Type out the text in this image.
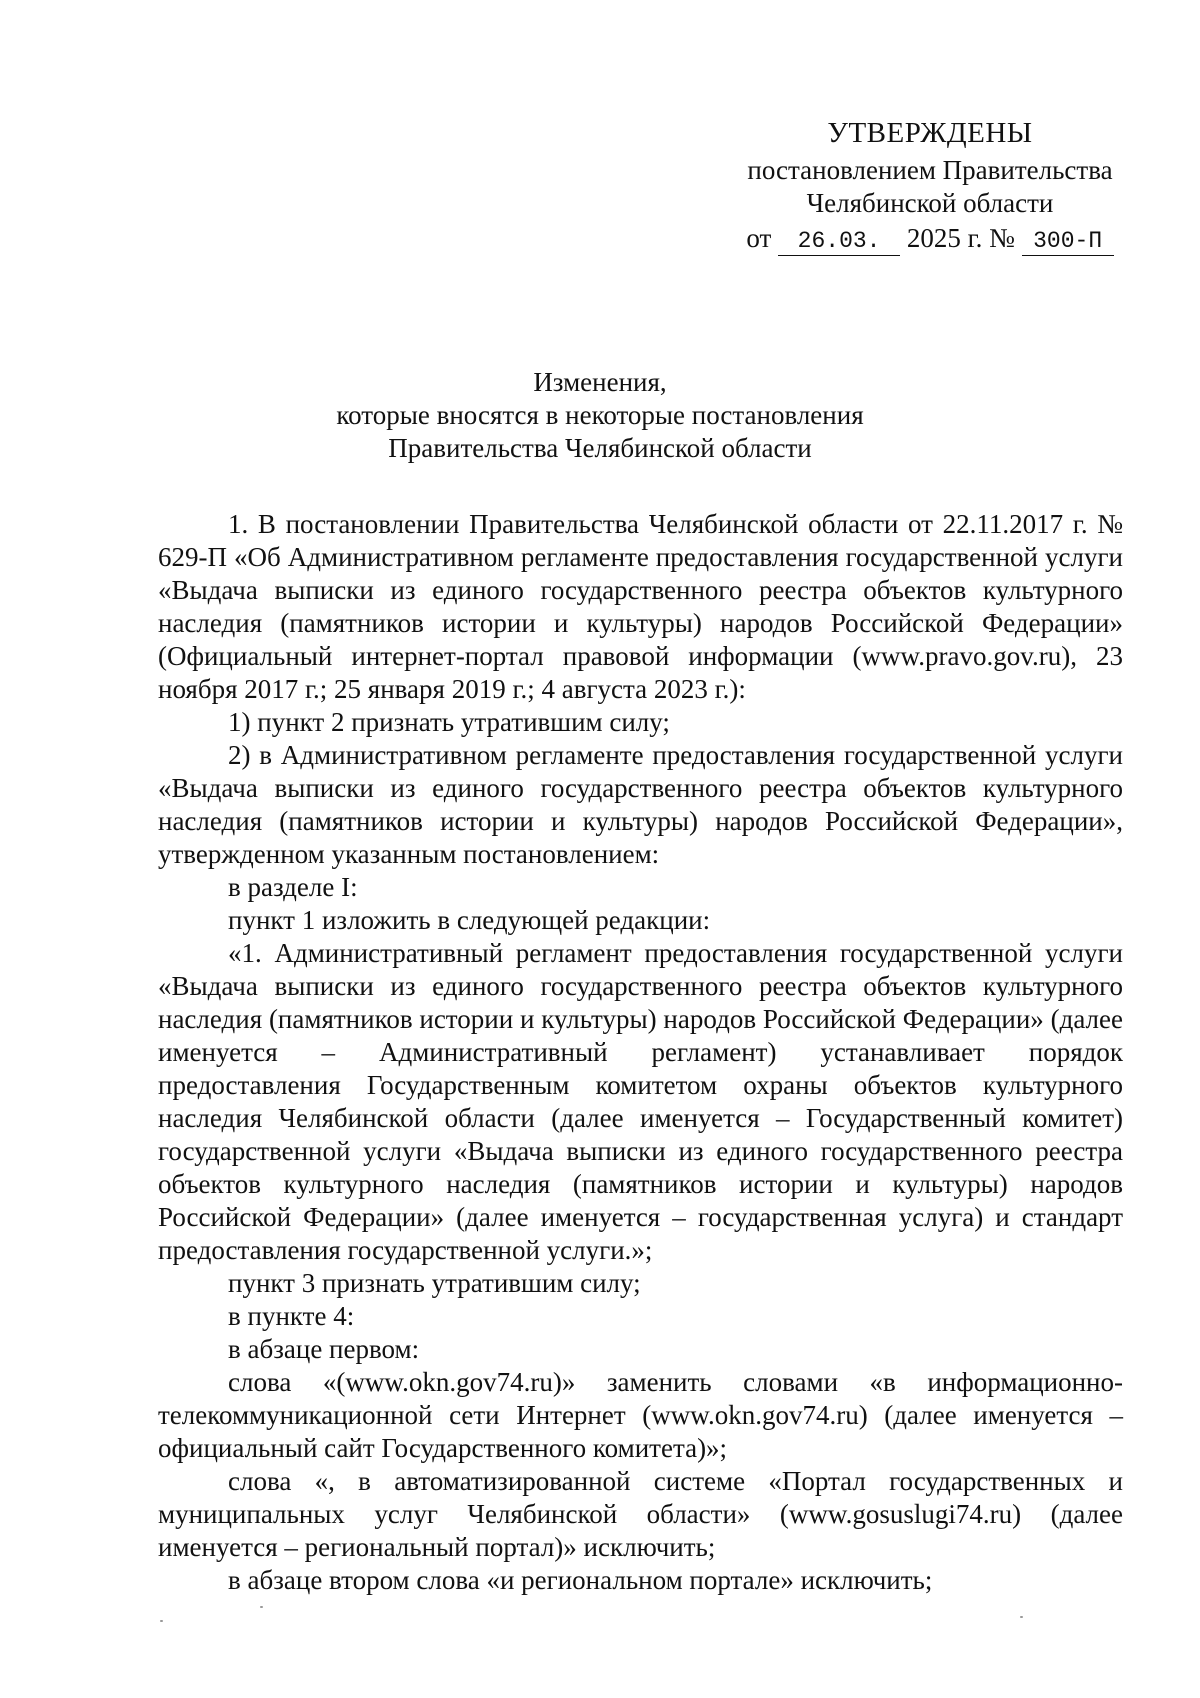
УТВЕРЖДЕНЫ
постановлением Правительства
Челябинской области
от 26.03. 2025 г. № 300-П
Изменения,
которые вносятся в некоторые постановления
Правительства Челябинской области

1. В постановлении Правительства Челябинской области от 22.11.2017 г. № 629-П «Об Административном регламенте предоставления государственной услуги «Выдача выписки из единого государственного реестра объектов культурного наследия (памятников истории и культуры) народов Российской Федерации» (Официальный интернет-портал правовой информации (www.pravo.gov.ru), 23 ноября 2017 г.; 25 января 2019 г.; 4 августа 2023 г.):

1) пункт 2 признать утратившим силу;

2) в Административном регламенте предоставления государственной услуги «Выдача выписки из единого государственного реестра объектов культурного наследия (памятников истории и культуры) народов Российской Федерации», утвержденном указанным постановлением:

в разделе I:

пункт 1 изложить в следующей редакции:

«1. Административный регламент предоставления государственной услуги «Выдача выписки из единого государственного реестра объектов культурного наследия (памятников истории и культуры) народов Российской Федерации» (далее именуется – Административный регламент) устанавливает порядок предоставления Государственным комитетом охраны объектов культурного наследия Челябинской области (далее именуется – Государственный комитет) государственной услуги «Выдача выписки из единого государственного реестра объектов культурного наследия (памятников истории и культуры) народов Российской Федерации» (далее именуется – государственная услуга) и стандарт предоставления государственной услуги.»;

пункт 3 признать утратившим силу;

в пункте 4:

в абзаце первом:

слова «(www.okn.gov74.ru)» заменить словами «в информационно-телекоммуникационной сети Интернет (www.okn.gov74.ru) (далее именуется – официальный сайт Государственного комитета)»;

слова «, в автоматизированной системе «Портал государственных и муниципальных услуг Челябинской области» (www.gosuslugi74.ru) (далее именуется – региональный портал)» исключить;

в абзаце втором слова «и региональном портале» исключить;
